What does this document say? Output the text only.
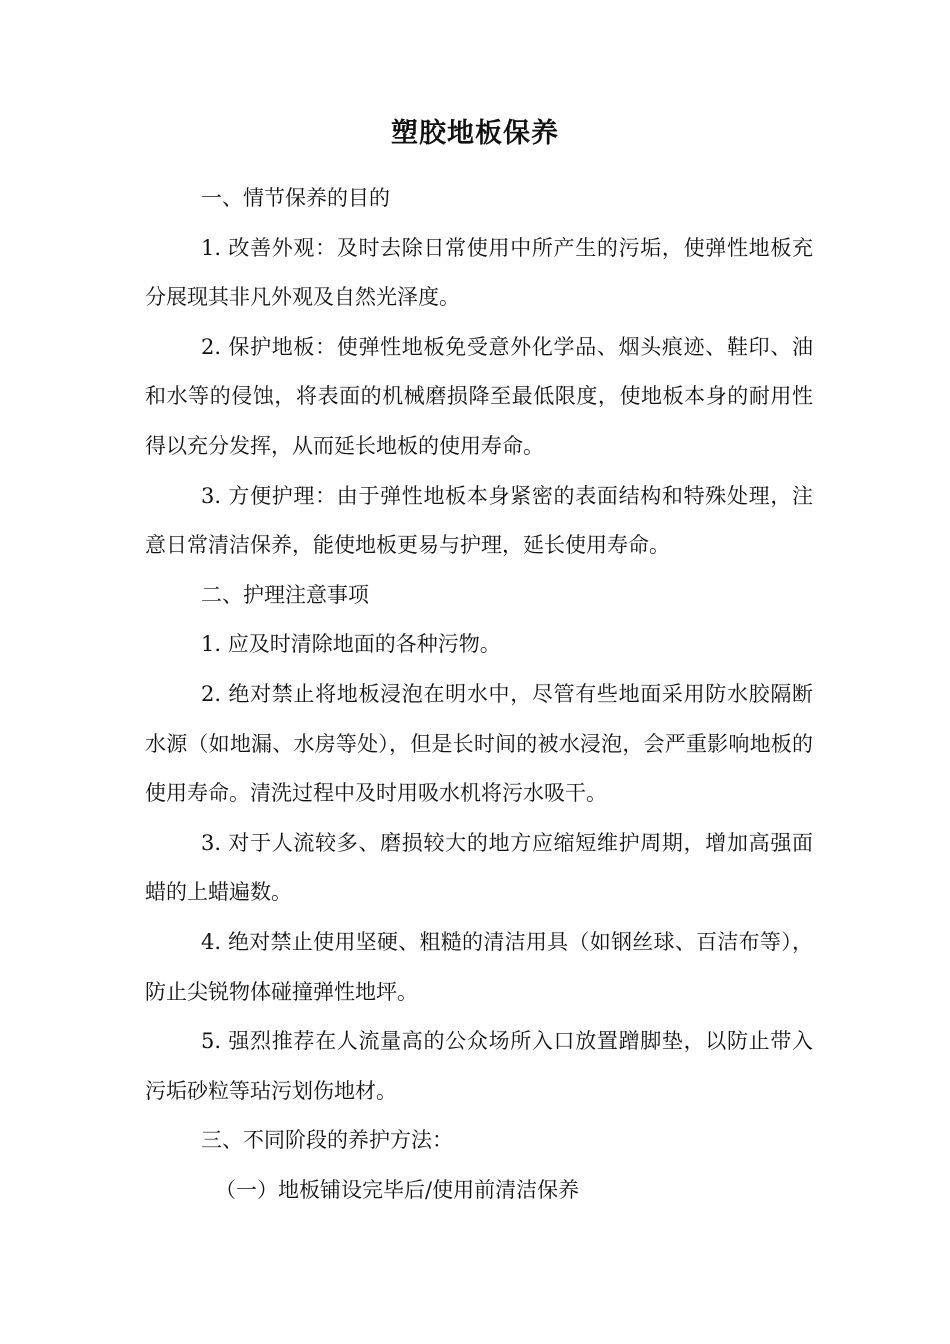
塑胶地板保养

一、情节保养的目的

1. 改善外观：及时去除日常使用中所产生的污垢，使弹性地板充分展现其非凡外观及自然光泽度。

2. 保护地板：使弹性地板免受意外化学品、烟头痕迹、鞋印、油和水等的侵蚀，将表面的机械磨损降至最低限度，使地板本身的耐用性得以充分发挥，从而延长地板的使用寿命。

3. 方便护理：由于弹性地板本身紧密的表面结构和特殊处理，注意日常清洁保养，能使地板更易与护理，延长使用寿命。

二、护理注意事项

1. 应及时清除地面的各种污物。

2. 绝对禁止将地板浸泡在明水中，尽管有些地面采用防水胶隔断水源（如地漏、水房等处），但是长时间的被水浸泡，会严重影响地板的使用寿命。清洗过程中及时用吸水机将污水吸干。

3. 对于人流较多、磨损较大的地方应缩短维护周期，增加高强面蜡的上蜡遍数。

4. 绝对禁止使用坚硬、粗糙的清洁用具（如钢丝球、百洁布等），防止尖锐物体碰撞弹性地坪。

5. 强烈推荐在人流量高的公众场所入口放置蹭脚垫，以防止带入污垢砂粒等玷污划伤地材。

三、不同阶段的养护方法：

（一）地板铺设完毕后/使用前清洁保养
